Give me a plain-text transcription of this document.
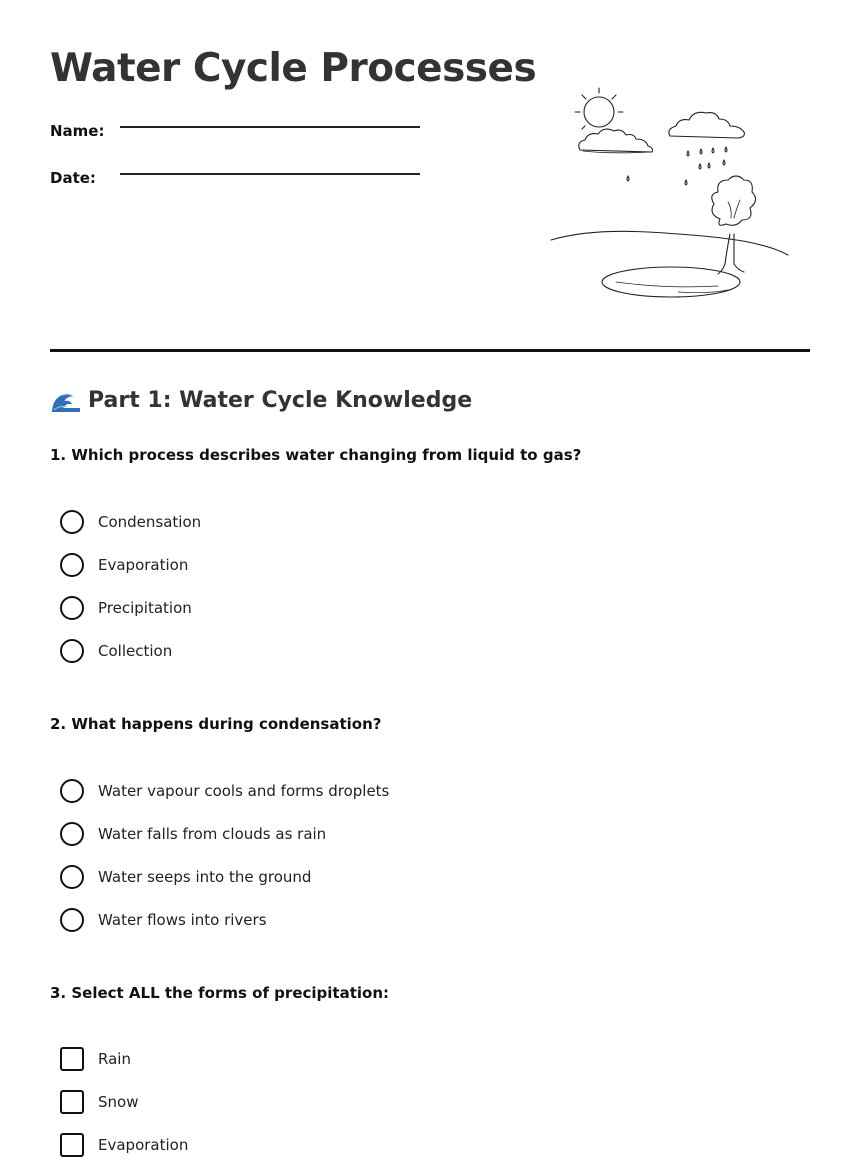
Water Cycle Processes
Name:
Date:
Part 1: Water Cycle Knowledge

1. Which process describes water changing from liquid to gas?

Condensation
Evaporation
Precipitation
Collection

2. What happens during condensation?

Water vapour cools and forms droplets
Water falls from clouds as rain
Water seeps into the ground
Water flows into rivers

3. Select ALL the forms of precipitation:

Rain
Snow
Evaporation
